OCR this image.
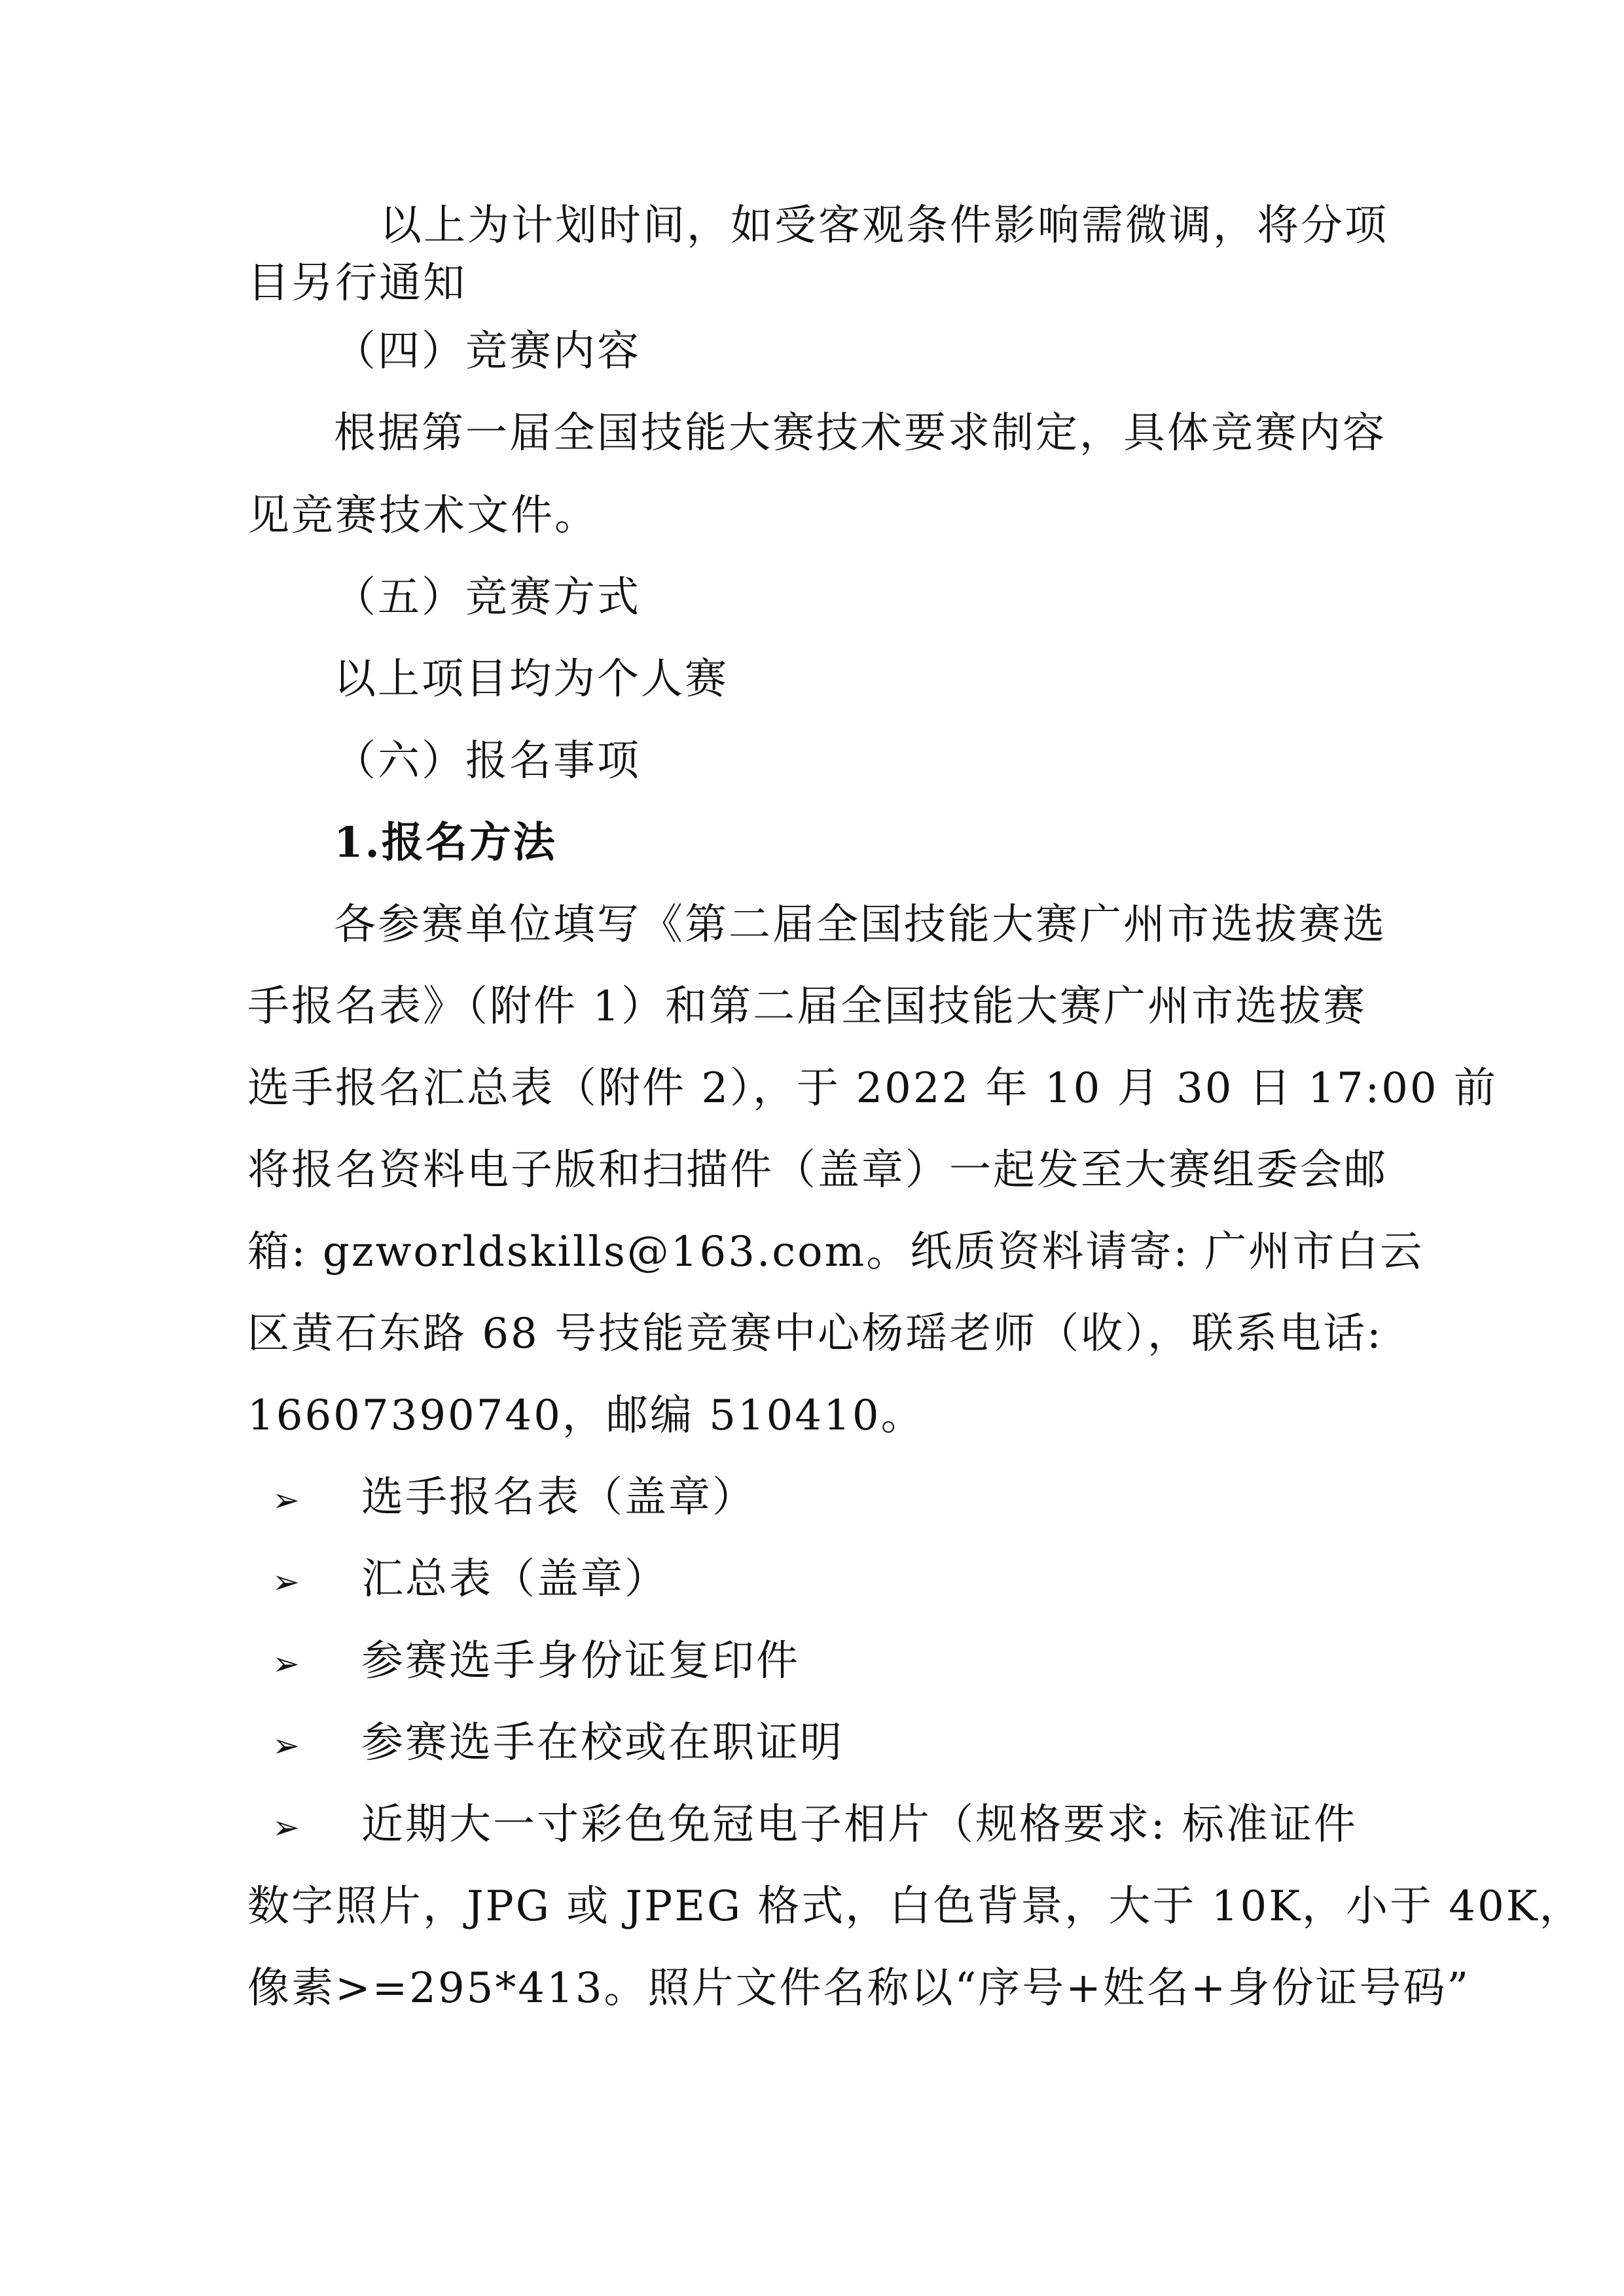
以上为计划时间，如受客观条件影响需微调，将分项
目另行通知
（四）竞赛内容
根据第一届全国技能大赛技术要求制定，具体竞赛内容
见竞赛技术文件。
（五）竞赛方式
以上项目均为个人赛
（六）报名事项
1.报名方法
各参赛单位填写《第二届全国技能大赛广州市选拔赛选
手报名表》（附件 1）和第二届全国技能大赛广州市选拔赛
选手报名汇总表（附件 2），于 2022 年 10 月 30 日 17:00 前
将报名资料电子版和扫描件（盖章）一起发至大赛组委会邮
箱: gzworldskills@163.com。纸质资料请寄: 广州市白云
区黄石东路 68 号技能竞赛中心杨瑶老师（收），联系电话:
16607390740，邮编 510410。
➢ 选手报名表（盖章）
➢ 汇总表（盖章）
➢ 参赛选手身份证复印件
➢ 参赛选手在校或在职证明
➢ 近期大一寸彩色免冠电子相片（规格要求: 标准证件
数字照片，JPG 或 JPEG 格式，白色背景，大于 10K，小于 40K，
像素>=295*413。照片文件名称以“序号+姓名+身份证号码”
